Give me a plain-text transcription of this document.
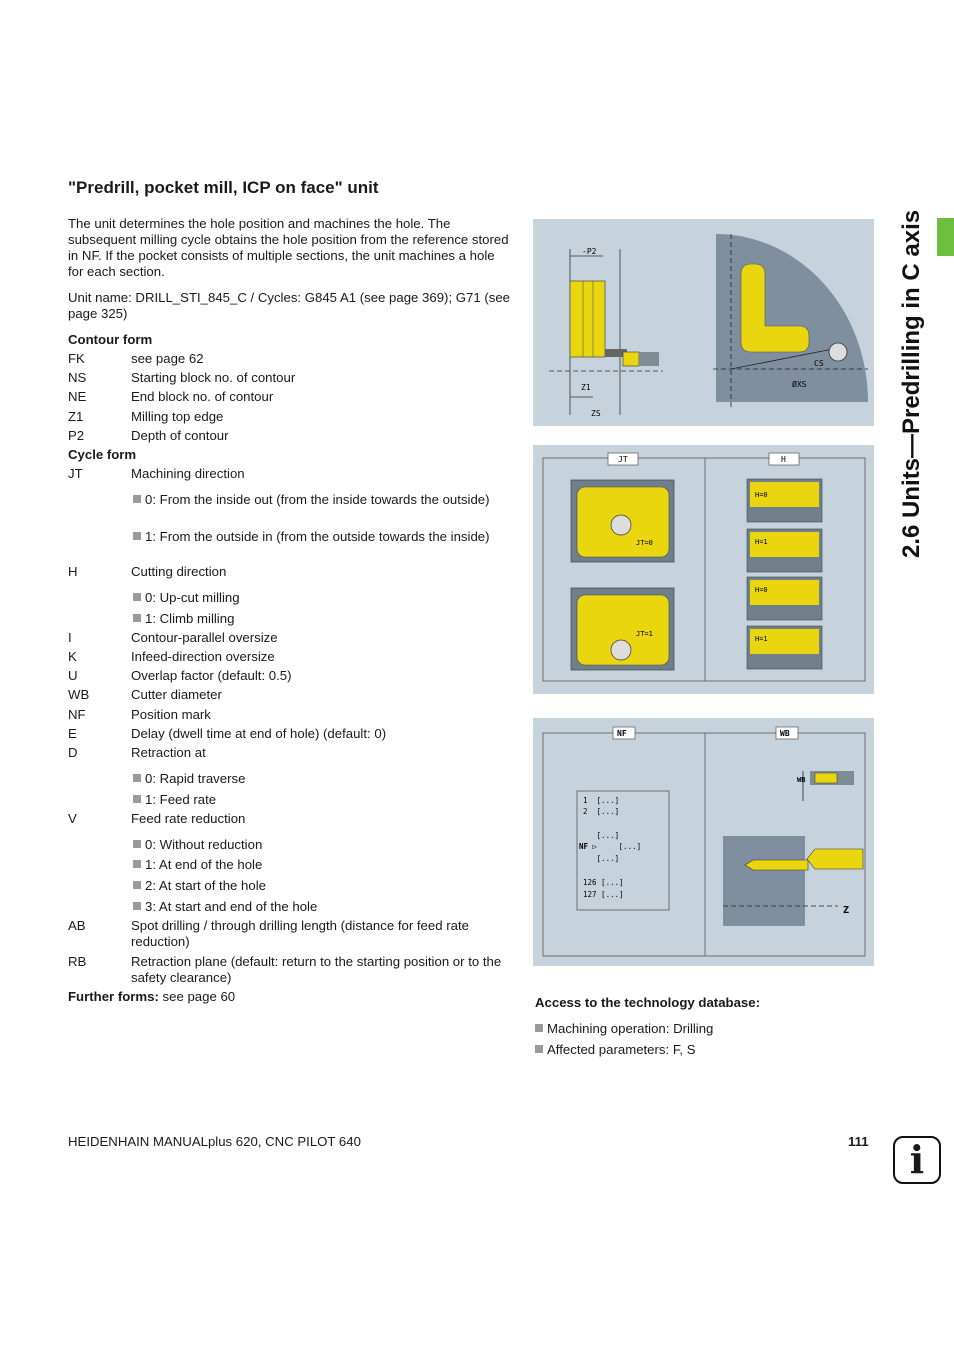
"Predrill, pocket mill, ICP on face" unit
The unit determines the hole position and machines the hole. The subsequent milling cycle obtains the hole position from the reference stored in NF. If the pocket consists of multiple sections, the unit machines a hole for each section.
Unit name: DRILL_STI_845_C / Cycles: G845 A1 (see page 369); G71 (see page 325)
Contour form
FK	see page 62
NS	Starting block no. of contour
NE	End block no. of contour
Z1	Milling top edge
P2	Depth of contour
Cycle form
JT	Machining direction
0: From the inside out (from the inside towards the outside)
1: From the outside in (from the outside towards the inside)
H	Cutting direction
0: Up-cut milling
1: Climb milling
I	Contour-parallel oversize
K	Infeed-direction oversize
U	Overlap factor (default: 0.5)
WB	Cutter diameter
NF	Position mark
E	Delay (dwell time at end of hole) (default: 0)
D	Retraction at
0: Rapid traverse
1: Feed rate
V	Feed rate reduction
0: Without reduction
1: At end of the hole
2: At start of the hole
3: At start and end of the hole
AB	Spot drilling / through drilling length (distance for feed rate reduction)
RB	Retraction plane (default: return to the starting position or to the safety clearance)
Further forms: see page 60
2.6 Units—Predrilling in C axis
-P2
Z1
ZS
CS
ØXS
JT	H
JT=0
JT=1
H=0
H=1
H=0
H=1
NF	WB
1  [...]
2  [...]
[...]
[...]
[...]
NF ▷
126 [...]
127 [...]
Z
WB
Access to the technology database:
Machining operation: Drilling
Affected parameters: F, S
HEIDENHAIN MANUALplus 620, CNC PILOT 640	111	i
